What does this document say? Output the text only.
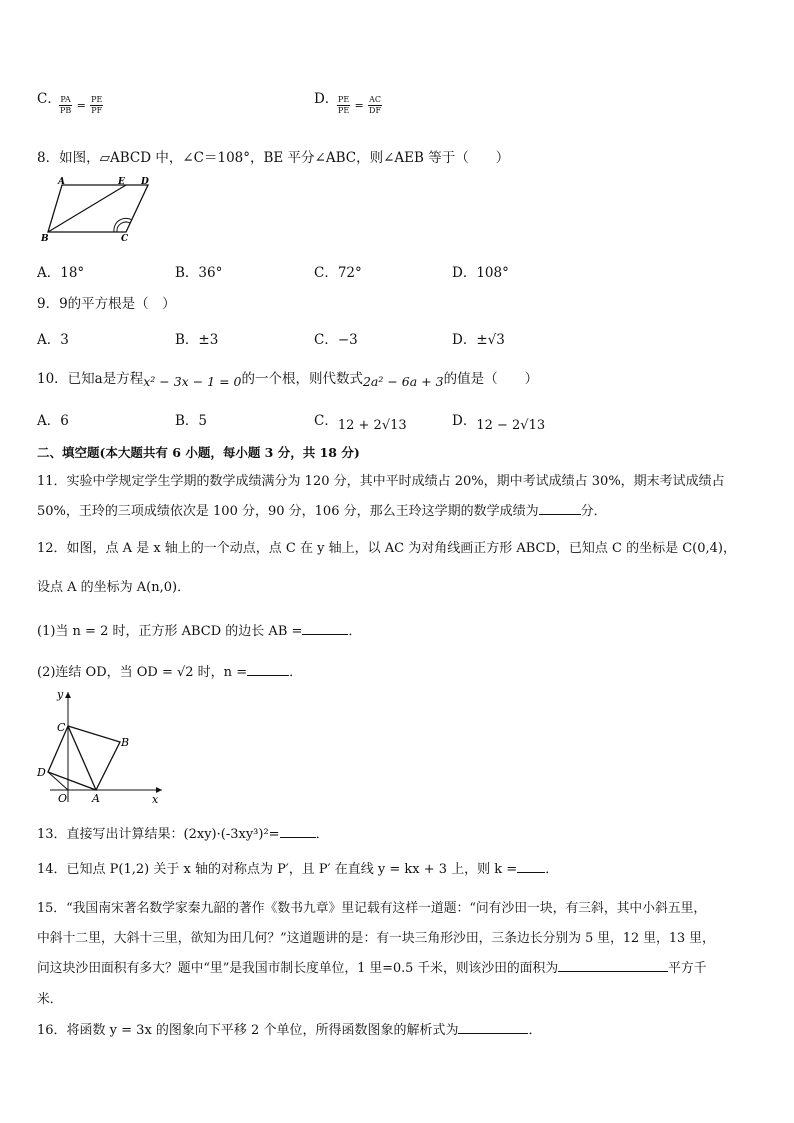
C．
$\frac{PA}{PB} = \frac{PE}{PF}$	D．
$\frac{PE}{PE} = \frac{AC}{DF}$
8．如图，▱ABCD 中，∠C＝108°，BE 平分∠ABC，则∠AEB 等于（　　）
A	E D
B	C
A．18°	B．36°	C．72°	D．108°
9．9的平方根是（　）
A．3	B．±3	C．−3	D．±√3
10．已知a是方程x² − 3x − 1 = 0的一个根，则代数式2a² − 6a + 3的值是（　　）
A．6	B．5	C．12 + 2√13	D．12 − 2√13
二、填空题(本大题共有 6 小题，每小题 3 分，共 18 分)
11．实验中学规定学生学期的数学成绩满分为 120 分，其中平时成绩占 20%，期中考试成绩占 30%，期末考试成绩占
50%，王玲的三项成绩依次是 100 分，90 分，106 分，那么王玲这学期的数学成绩为	分．
12．如图，点 A 是 x 轴上的一个动点，点 C 在 y 轴上，以 AC 为对角线画正方形 ABCD，已知点 C 的坐标是 C(0,4)，
设点 A 的坐标为 A(n,0)．
(1)当 n = 2 时，正方形 ABCD 的边长 AB =	．
(2)连结 OD，当 OD = √2 时，n =	．
y
x
C
B
D
O A
13．直接写出计算结果：(2xy)·(-3xy³)²=	．
14．已知点 P(1,2) 关于 x 轴的对称点为 P′，且 P′ 在直线 y = kx + 3 上，则 k = ．
15．“我国南宋著名数学家秦九韶的著作《数书九章》里记载有这样一道题：“问有沙田一块，有三斜，其中小斜五里，
中斜十二里，大斜十三里，欲知为田几何？”这道题讲的是：有一块三角形沙田，三条边长分别为 5 里，12 里，13 里，
问这块沙田面积有多大？题中“里”是我国市制长度单位，1 里=0.5 千米，则该沙田的面积为	平方千
米．
16．将函数 y = 3x 的图象向下平移 2 个单位，所得函数图象的解析式为	．
